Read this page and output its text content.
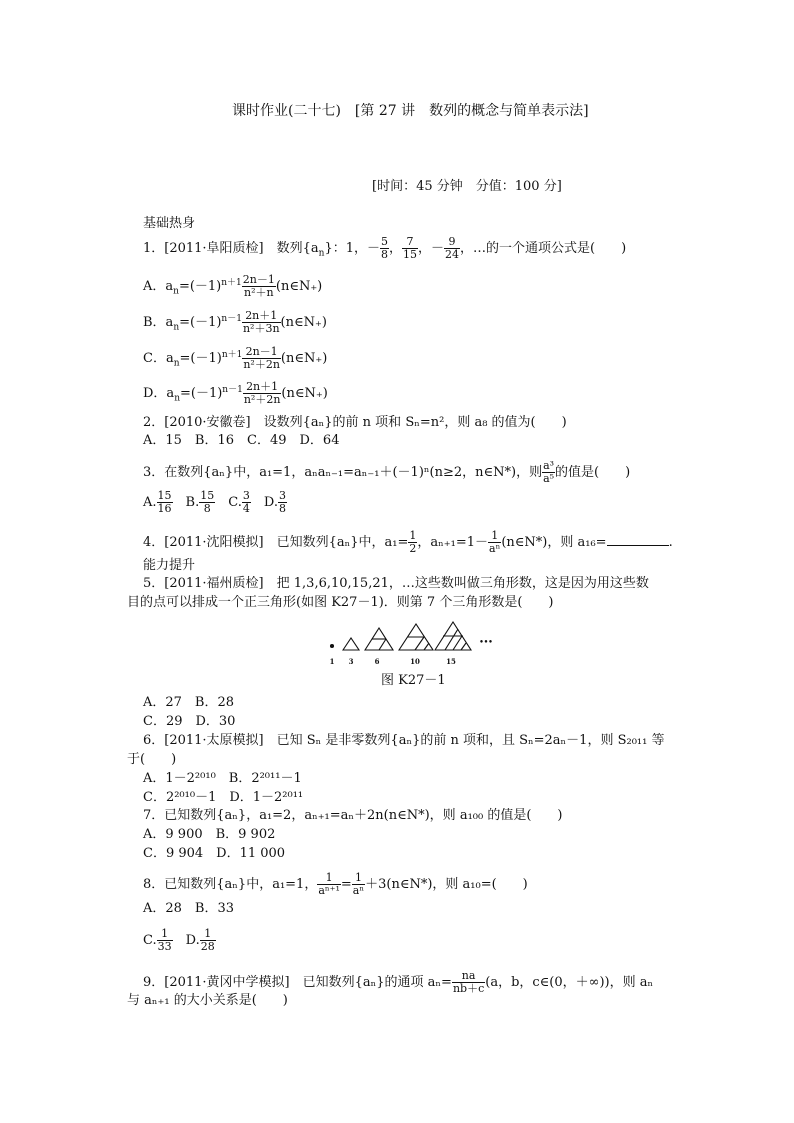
课时作业(二十七)　[第 27 讲　数列的概念与简单表示法]
[时间：45 分钟　分值：100 分]
基础热身
1．[2011·阜阳质检]　数列$\{a_n\}$：1，－ $\frac{5}{8}$ ， $\frac{7}{15}$ ，－ $\frac{9}{24}$ ，…的一个通项公式是(　　)
A．$a_n=(-1)^{n+1} \frac{2n-1}{\text{n²＋n}}$ (n∈N₊)
B．$a_n=(-1)^{n-1} \frac{2n+1}{\text{n²＋3n}}$ (n∈N₊)
C．$a_n=(-1)^{n+1} \frac{2n-1}{\text{n²＋2n}}$ (n∈N₊)
D．$a_n=(-1)^{n-1} \frac{2n+1}{\text{n²＋2n}}$ (n∈N₊)
2．[2010·安徽卷]　设数列{aₙ}的前 n 项和 Sₙ=n²，则 a₈ 的值为(　　)
A．15　B．16　C．49　D．64
3．在数列{aₙ}中，a₁=1，aₙaₙ₋₁=aₙ₋₁＋(－1)ⁿ(n≥2，n∈N*)，则 $\frac{\text{a³}}{\text{a⁵}}$ 的值是(　　)
A. $\frac{15}{16}$
　 B. $\frac{15}{8}$
　 C. $\frac{3}{4}$
　 D. $\frac{3}{8}$
4．[2011·沈阳模拟]　已知数列{aₙ}中，$a_1= \frac{1}{2}$ ，$a_{n+1}=1- \frac{1}{\text{aⁿ}}$ (n∈N*)，则 a₁₆=	.
能力提升
5．[2011·福州质检]　把 1,3,6,10,15,21，…这些数叫做三角形数，这是因为用这些数
目的点可以排成一个正三角形(如图 K27－1)．则第 7 个三角形数是(　　)
1 3	6	10	15
•••
图 K27－1
A．27　B．28
C．29　D．30
6．[2011·太原模拟]　已知 Sₙ 是非零数列{aₙ}的前 n 项和，且 Sₙ=2aₙ－1，则 S₂₀₁₁ 等
于(　　)
A．1－2²⁰¹⁰　B．2²⁰¹¹－1
C．2²⁰¹⁰－1　D．1－2²⁰¹¹
7．已知数列{aₙ}，a₁=2，aₙ₊₁=aₙ＋2n(n∈N*)，则 a₁₀₀ 的值是(　　)
A．9 900　B．9 902
C．9 904　D．11 000
8．已知数列{aₙ}中，a₁=1， $\frac{1}{\text{aⁿ⁺¹}} = \frac{1}{\text{aⁿ}}$ ＋3(n∈N*)，则 a₁₀=(　　)
A．28　B．33
C. $\frac{1}{33}$
　 D. $\frac{1}{28}$
9．[2011·黄冈中学模拟]　已知数列{aₙ}的通项 $a_n= \frac{na}{nb+c} (a$，b，c∈(0，＋∞))，则 aₙ
与 aₙ₊₁ 的大小关系是(　　)
